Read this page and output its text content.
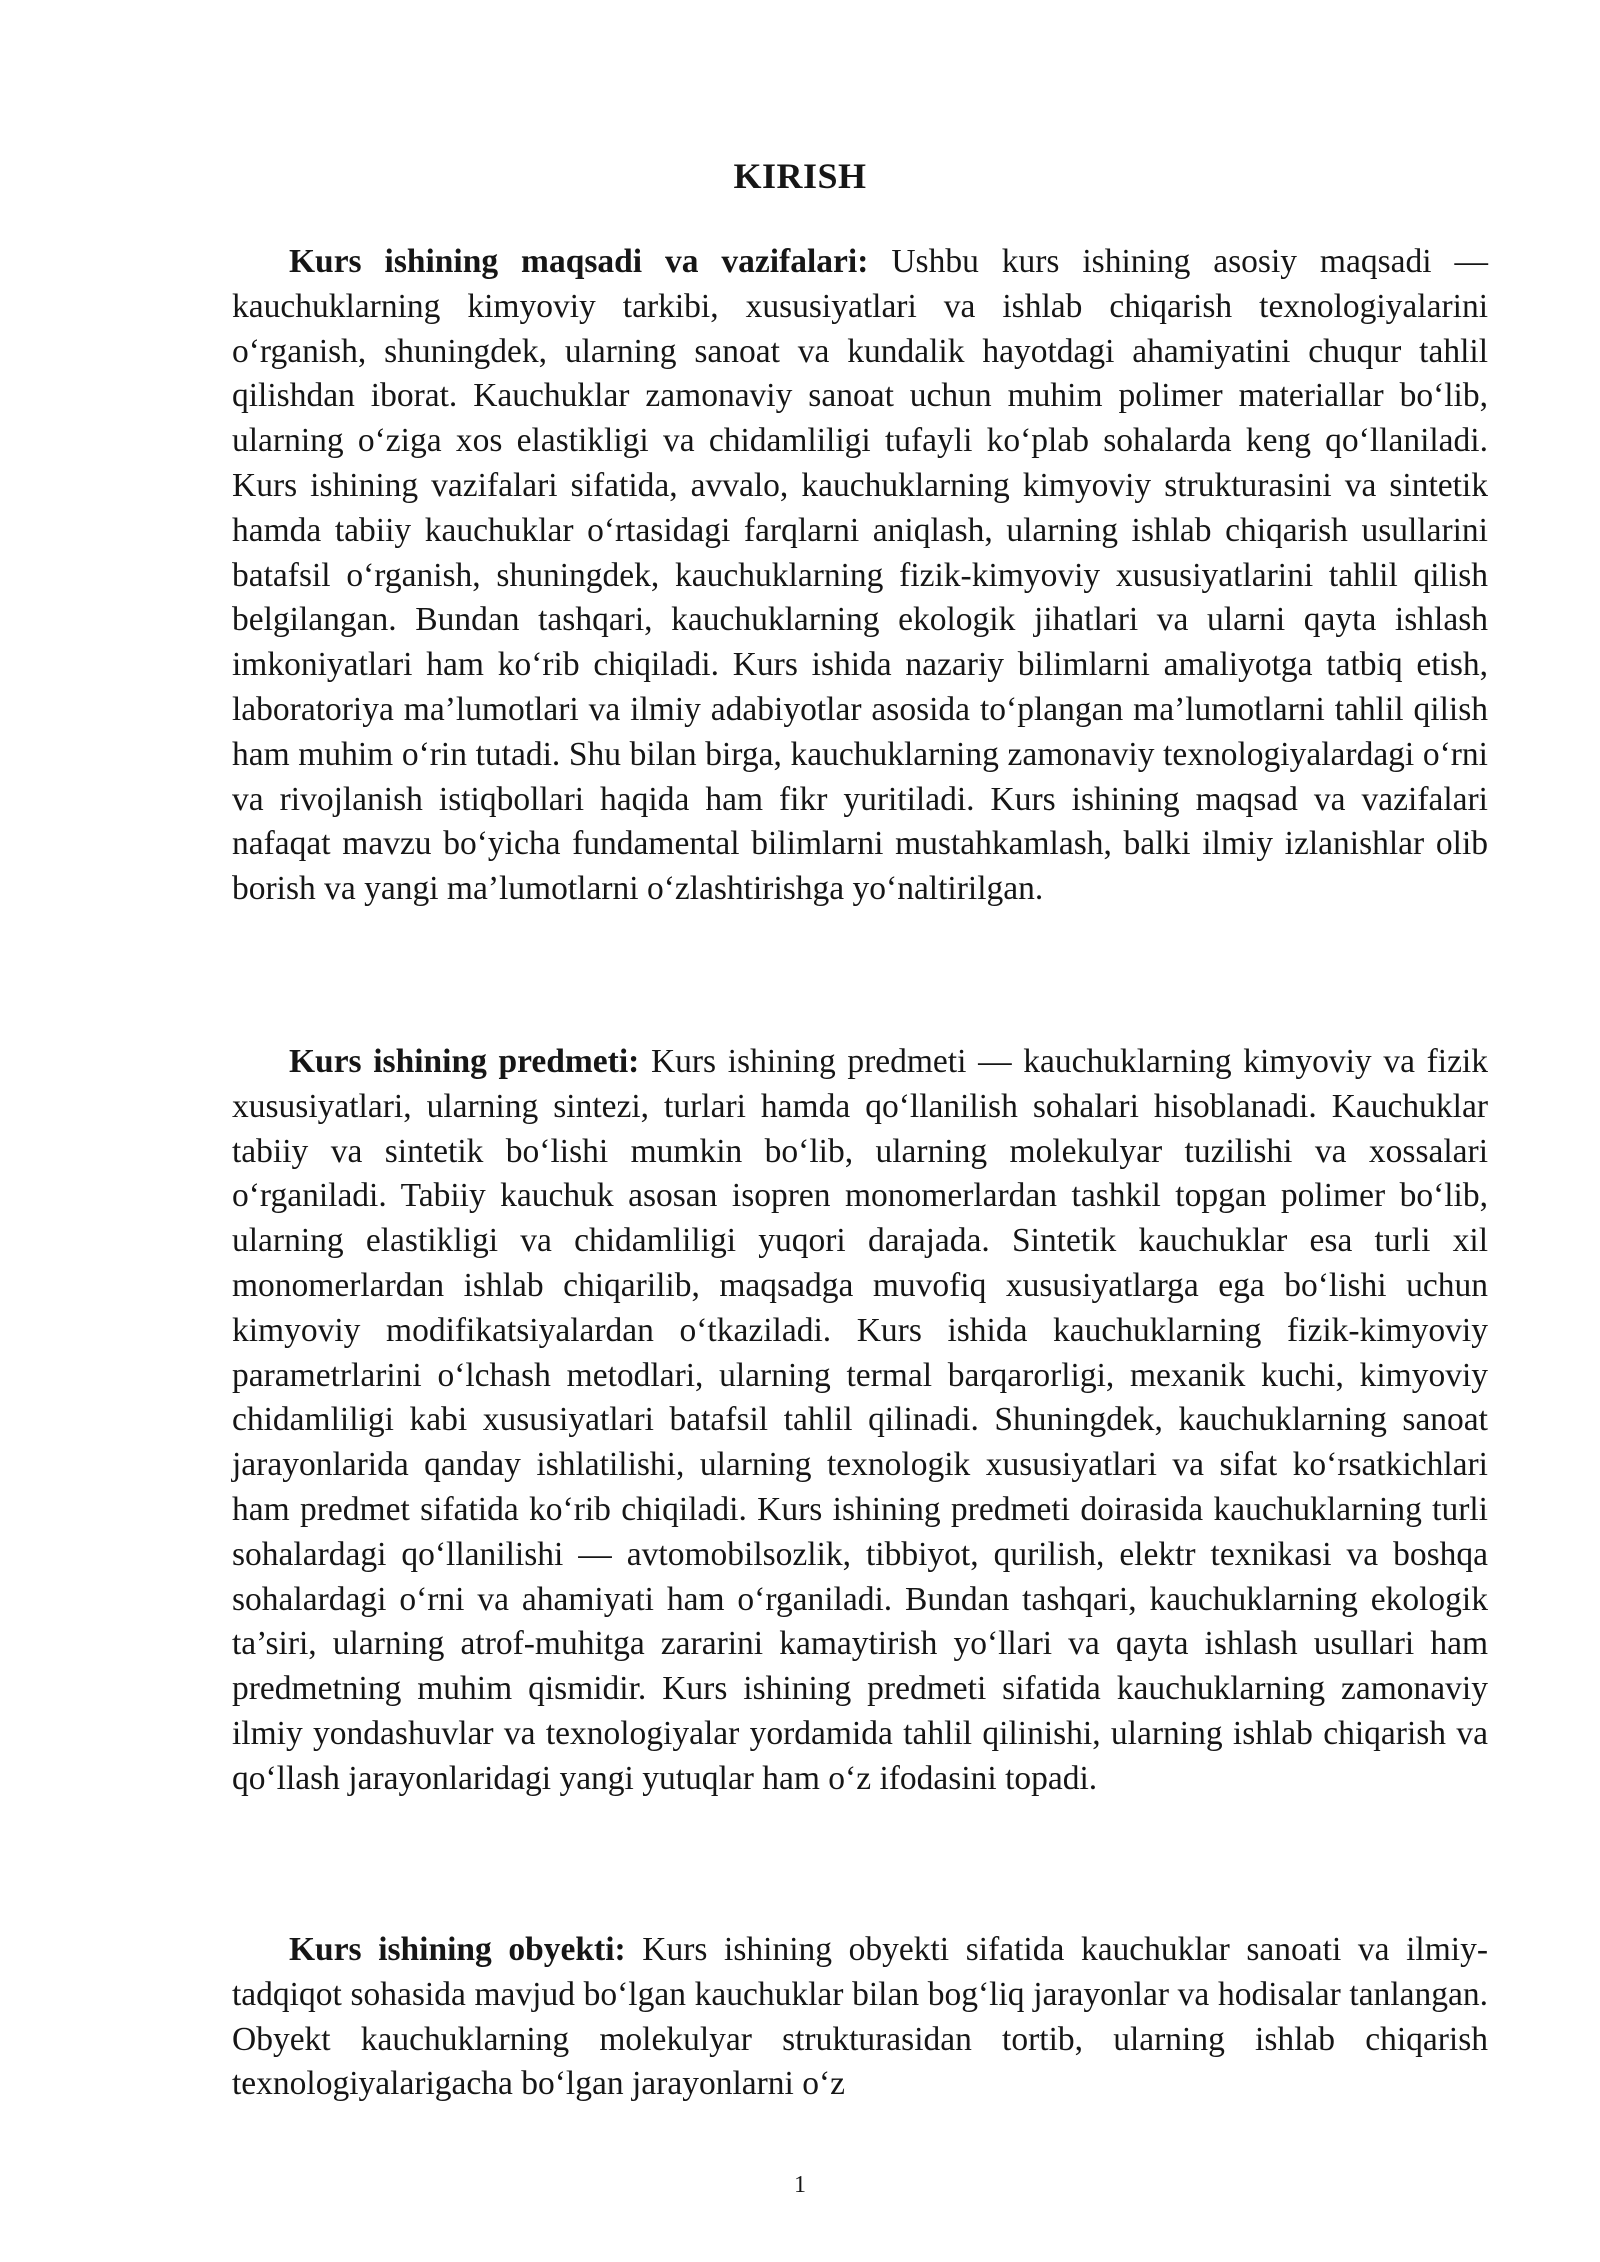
KIRISH

Kurs ishining maqsadi va vazifalari: Ushbu kurs ishining asosiy maqsadi — kauchuklarning kimyoviy tarkibi, xususiyatlari va ishlab chiqarish texnologiyalarini o‘rganish, shuningdek, ularning sanoat va kundalik hayotdagi ahamiyatini chuqur tahlil qilishdan iborat. Kauchuklar zamonaviy sanoat uchun muhim polimer materiallar bo‘lib, ularning o‘ziga xos elastikligi va chidamliligi tufayli ko‘plab sohalarda keng qo‘llaniladi. Kurs ishining vazifalari sifatida, avvalo, kauchuklarning kimyoviy strukturasini va sintetik hamda tabiiy kauchuklar o‘rtasidagi farqlarni aniqlash, ularning ishlab chiqarish usullarini batafsil o‘rganish, shuningdek, kauchuklarning fizik-kimyoviy xususiyatlarini tahlil qilish belgilangan. Bundan tashqari, kauchuklarning ekologik jihatlari va ularni qayta ishlash imkoniyatlari ham ko‘rib chiqiladi. Kurs ishida nazariy bilimlarni amaliyotga tatbiq etish, laboratoriya ma’lumotlari va ilmiy adabiyotlar asosida to‘plangan ma’lumotlarni tahlil qilish ham muhim o‘rin tutadi. Shu bilan birga, kauchuklarning zamonaviy texnologiyalardagi o‘rni va rivojlanish istiqbollari haqida ham fikr yuritiladi. Kurs ishining maqsad va vazifalari nafaqat mavzu bo‘yicha fundamental bilimlarni mustahkamlash, balki ilmiy izlanishlar olib borish va yangi ma’lumotlarni o‘zlashtirishga yo‘naltirilgan.

Kurs ishining predmeti: Kurs ishining predmeti — kauchuklarning kimyoviy va fizik xususiyatlari, ularning sintezi, turlari hamda qo‘llanilish sohalari hisoblanadi. Kauchuklar tabiiy va sintetik bo‘lishi mumkin bo‘lib, ularning molekulyar tuzilishi va xossalari o‘rganiladi. Tabiiy kauchuk asosan isopren monomerlardan tashkil topgan polimer bo‘lib, ularning elastikligi va chidamliligi yuqori darajada. Sintetik kauchuklar esa turli xil monomerlardan ishlab chiqarilib, maqsadga muvofiq xususiyatlarga ega bo‘lishi uchun kimyoviy modifikatsiyalardan o‘tkaziladi. Kurs ishida kauchuklarning fizik-kimyoviy parametrlarini o‘lchash metodlari, ularning termal barqarorligi, mexanik kuchi, kimyoviy chidamliligi kabi xususiyatlari batafsil tahlil qilinadi. Shuningdek, kauchuklarning sanoat jarayonlarida qanday ishlatilishi, ularning texnologik xususiyatlari va sifat ko‘rsatkichlari ham predmet sifatida ko‘rib chiqiladi. Kurs ishining predmeti doirasida kauchuklarning turli sohalardagi qo‘llanilishi — avtomobilsozlik, tibbiyot, qurilish, elektr texnikasi va boshqa sohalardagi o‘rni va ahamiyati ham o‘rganiladi. Bundan tashqari, kauchuklarning ekologik ta’siri, ularning atrof-muhitga zararini kamaytirish yo‘llari va qayta ishlash usullari ham predmetning muhim qismidir. Kurs ishining predmeti sifatida kauchuklarning zamonaviy ilmiy yondashuvlar va texnologiyalar yordamida tahlil qilinishi, ularning ishlab chiqarish va qo‘llash jarayonlaridagi yangi yutuqlar ham o‘z ifodasini topadi.

Kurs ishining obyekti: Kurs ishining obyekti sifatida kauchuklar sanoati va ilmiy-tadqiqot sohasida mavjud bo‘lgan kauchuklar bilan bog‘liq jarayonlar va hodisalar tanlangan. Obyekt kauchuklarning molekulyar strukturasidan tortib, ularning ishlab chiqarish texnologiyalarigacha bo‘lgan jarayonlarni o‘z

1
